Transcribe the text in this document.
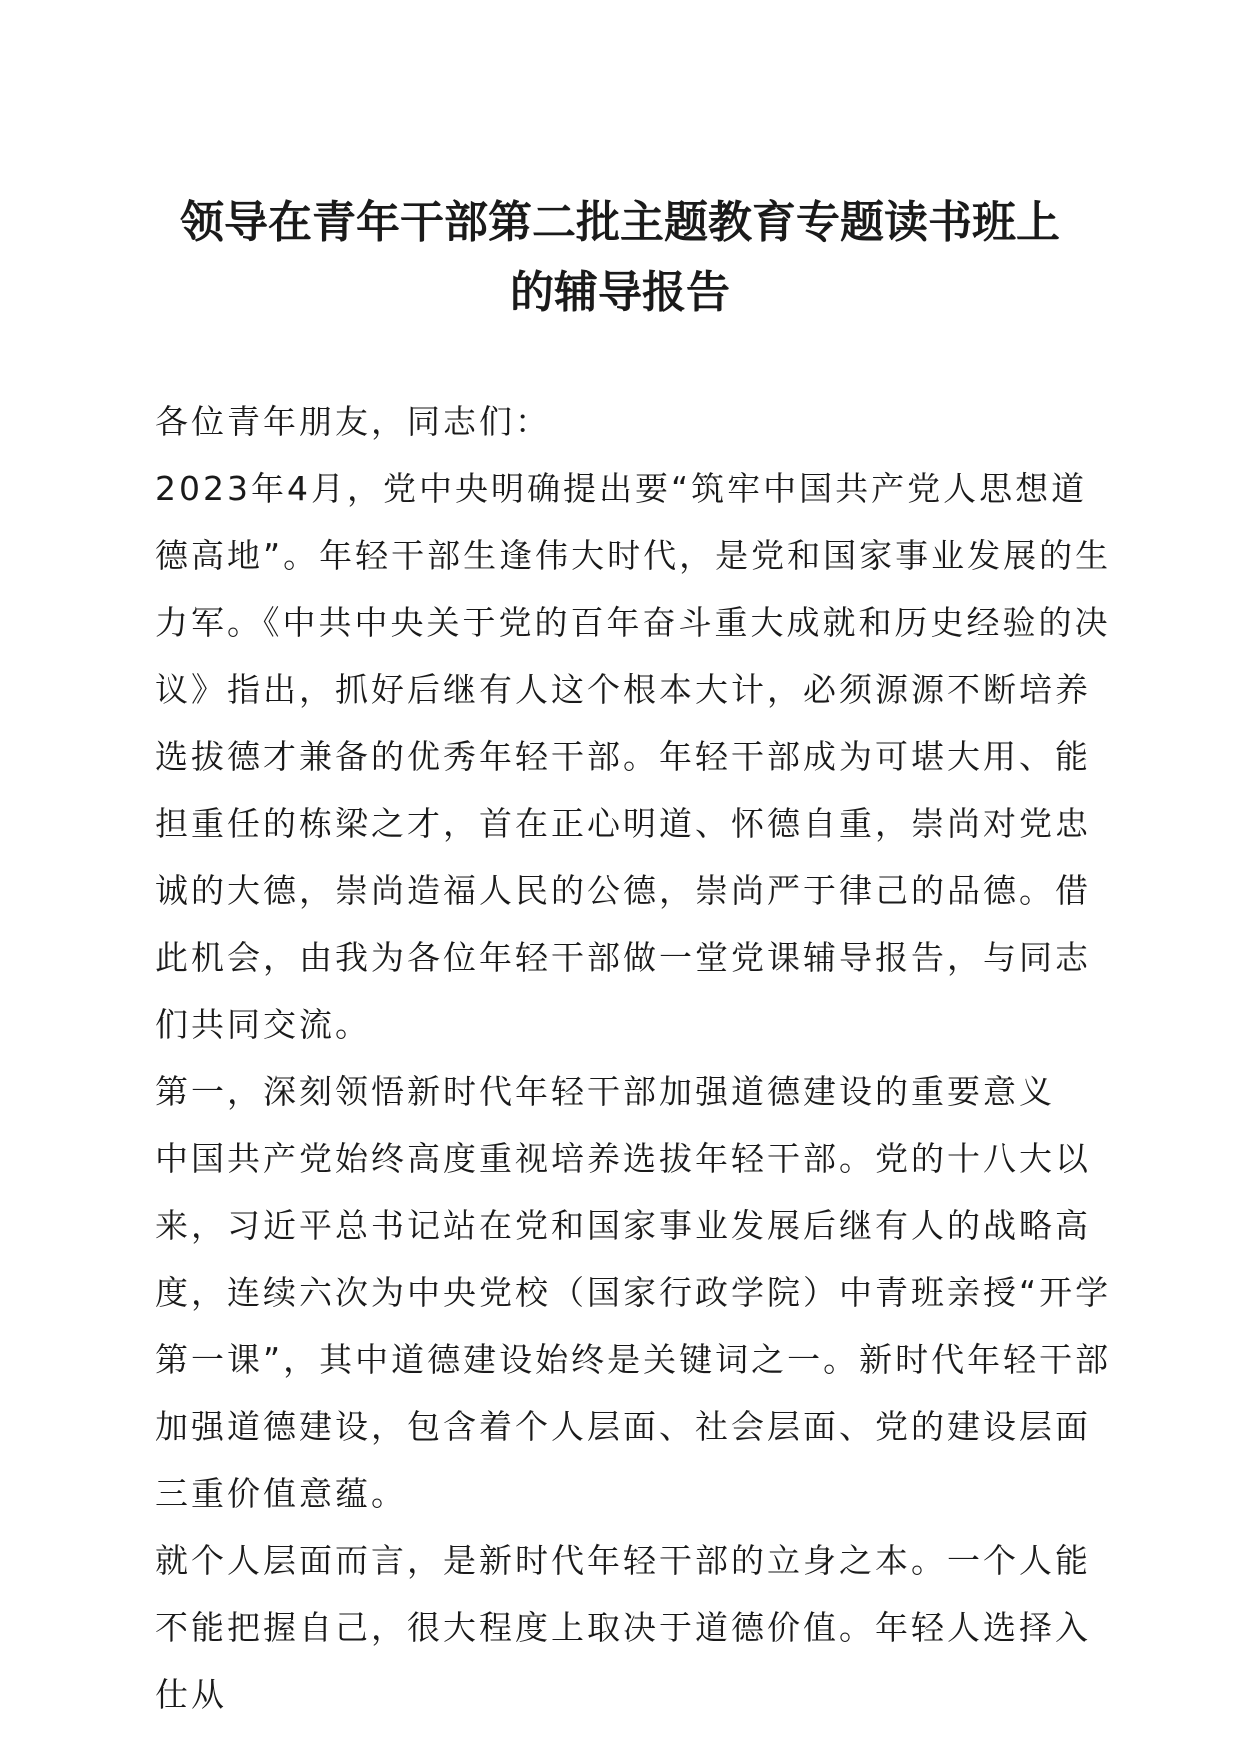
领导在青年干部第二批主题教育专题读书班上
的辅导报告

各位青年朋友，同志们：

2023年4月，党中央明确提出要“筑牢中国共产党人思想道德高地”。年轻干部生逢伟大时代，是党和国家事业发展的生力军。《中共中央关于党的百年奋斗重大成就和历史经验的决议》指出，抓好后继有人这个根本大计，必须源源不断培养选拔德才兼备的优秀年轻干部。年轻干部成为可堪大用、能担重任的栋梁之才，首在正心明道、怀德自重，崇尚对党忠诚的大德，崇尚造福人民的公德，崇尚严于律己的品德。借此机会，由我为各位年轻干部做一堂党课辅导报告，与同志们共同交流。

第一，深刻领悟新时代年轻干部加强道德建设的重要意义

中国共产党始终高度重视培养选拔年轻干部。党的十八大以来，习近平总书记站在党和国家事业发展后继有人的战略高度，连续六次为中央党校（国家行政学院）中青班亲授“开学第一课”，其中道德建设始终是关键词之一。新时代年轻干部加强道德建设，包含着个人层面、社会层面、党的建设层面三重价值意蕴。

就个人层面而言，是新时代年轻干部的立身之本。一个人能不能把握自己，很大程度上取决于道德价值。年轻人选择入仕从
